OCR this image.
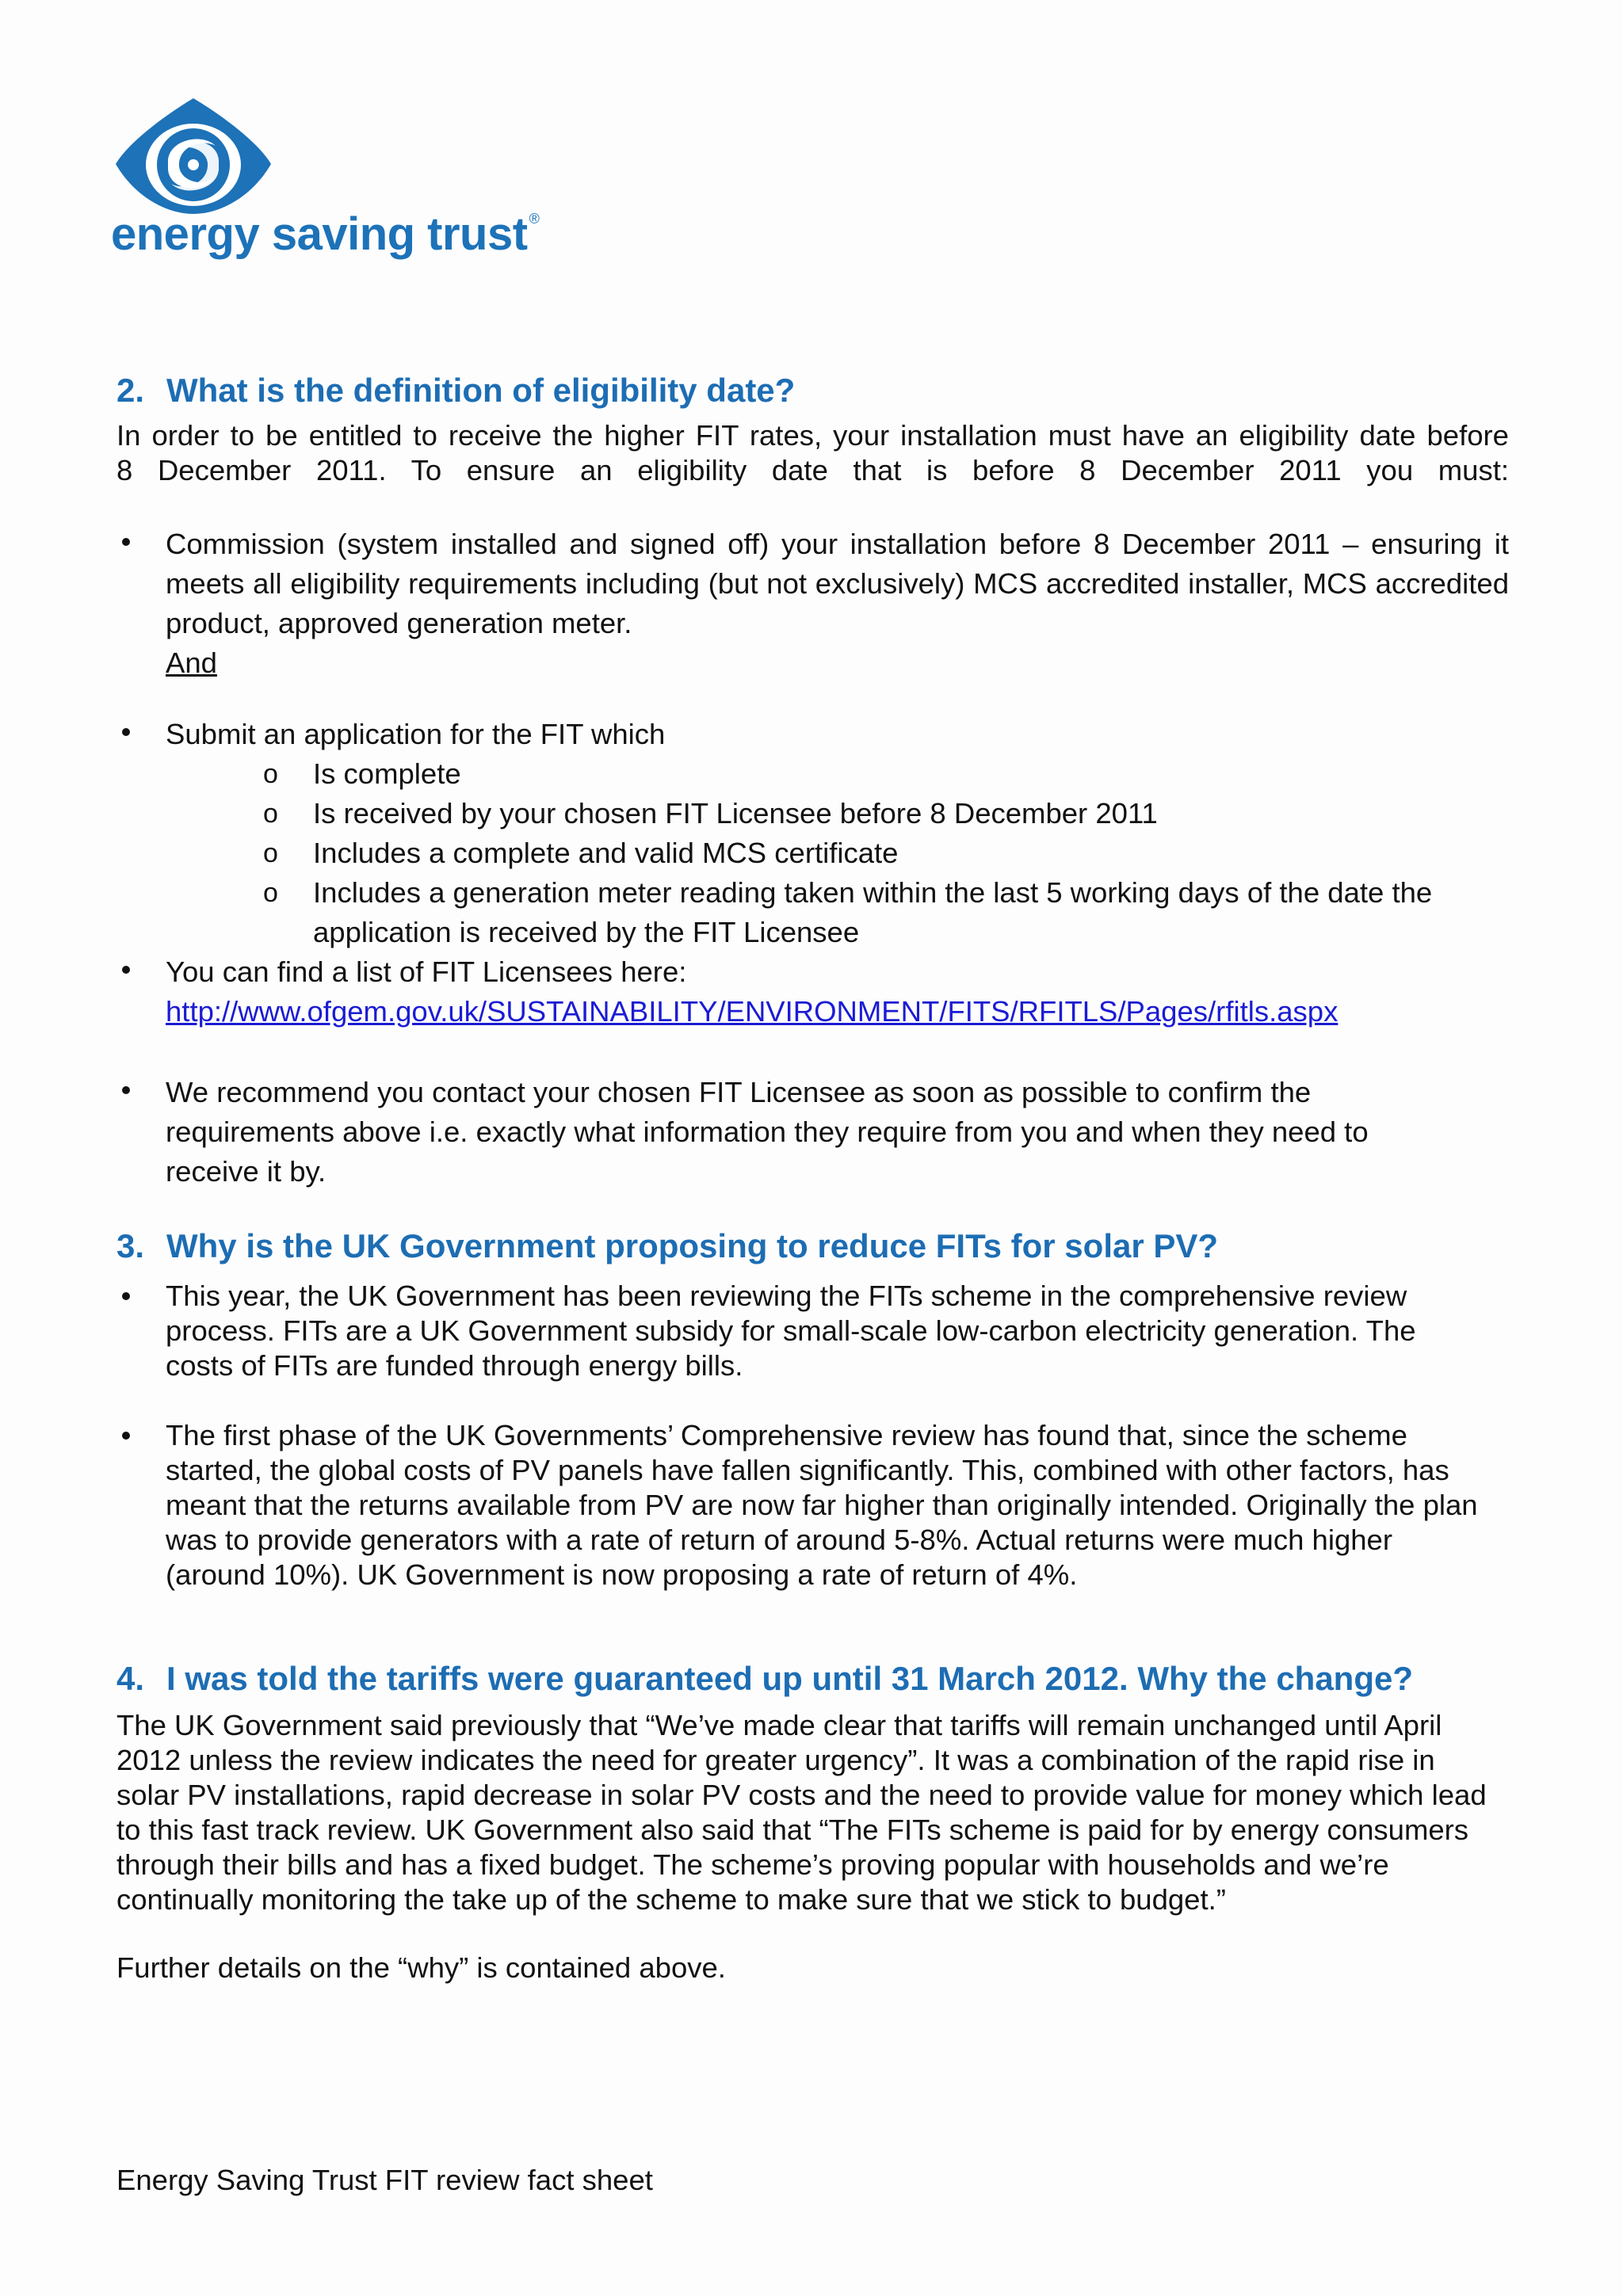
energy saving trust ®
2. What is the definition of eligibility date?

In order to be entitled to receive the higher FIT rates, your installation must have an eligibility date before

8 December 2011. To ensure an eligibility date that is before 8 December 2011 you must:

Commission (system installed and signed off) your installation before 8 December 2011 – ensuring it meets all eligibility requirements including (but not exclusively) MCS accredited installer, MCS accredited product, approved generation meter.

And

Submit an application for the FIT which

o Is complete
o Is received by your chosen FIT Licensee before 8 December 2011
o Includes a complete and valid MCS certificate
o Includes a generation meter reading taken within the last 5 working days of the date the application is received by the FIT Licensee

You can find a list of FIT Licensees here:

http://www.ofgem.gov.uk/SUSTAINABILITY/ENVIRONMENT/FITS/RFITLS/Pages/rfitls.aspx

We recommend you contact your chosen FIT Licensee as soon as possible to confirm the requirements above i.e. exactly what information they require from you and when they need to receive it by.

3. Why is the UK Government proposing to reduce FITs for solar PV?

This year, the UK Government has been reviewing the FITs scheme in the comprehensive review process. FITs are a UK Government subsidy for small-scale low-carbon electricity generation. The costs of FITs are funded through energy bills.

The first phase of the UK Governments’ Comprehensive review has found that, since the scheme started, the global costs of PV panels have fallen significantly. This, combined with other factors, has meant that the returns available from PV are now far higher than originally intended. Originally the plan was to provide generators with a rate of return of around 5-8%. Actual returns were much higher (around 10%). UK Government is now proposing a rate of return of 4%.

4. I was told the tariffs were guaranteed up until 31 March 2012. Why the change?

The UK Government said previously that “We’ve made clear that tariffs will remain unchanged until April 2012 unless the review indicates the need for greater urgency”. It was a combination of the rapid rise in solar PV installations, rapid decrease in solar PV costs and the need to provide value for money which lead to this fast track review. UK Government also said that “The FITs scheme is paid for by energy consumers through their bills and has a fixed budget. The scheme’s proving popular with households and we’re continually monitoring the take up of the scheme to make sure that we stick to budget.”

Further details on the “why” is contained above.

Energy Saving Trust FIT review fact sheet
